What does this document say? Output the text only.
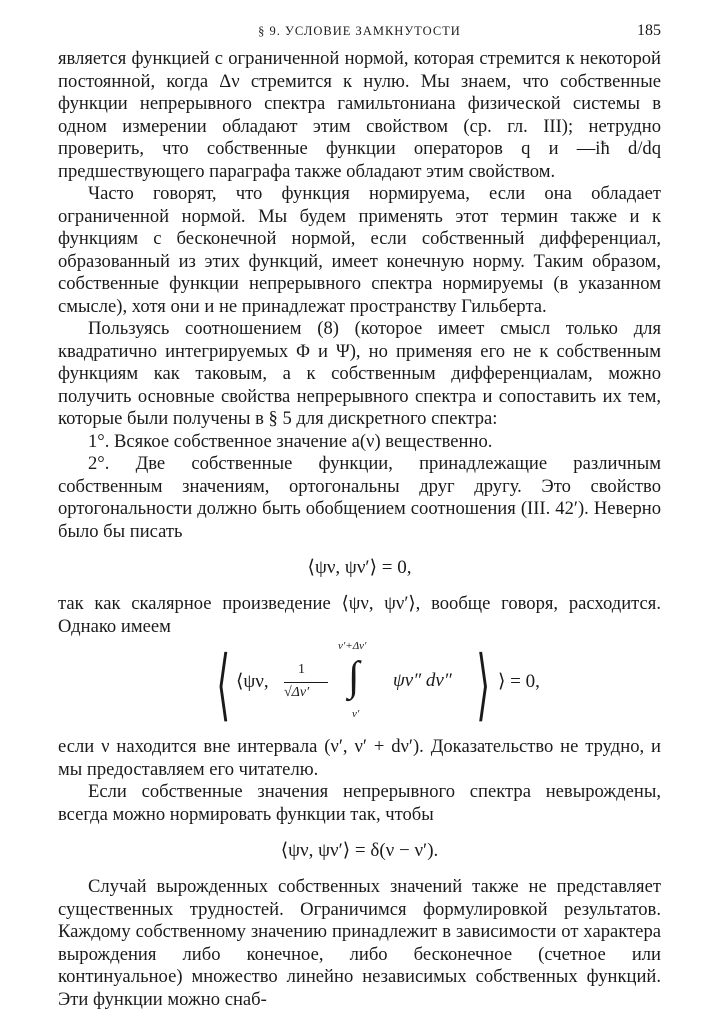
§ 9. УСЛОВИЕ ЗАМКНУТОСТИ	185

является функцией с ограниченной нормой, которая стремится к некоторой постоянной, когда Δν стремится к нулю. Мы знаем, что собственные функции непрерывного спектра гамильтониана физической системы в одном измерении обладают этим свойством (ср. гл. III); нетрудно проверить, что собственные функции операторов q и —iħ d/dq предшествующего параграфа также обладают этим свойством.

Часто говорят, что функция нормируема, если она обладает ограниченной нормой. Мы будем применять этот термин также и к функциям с бесконечной нормой, если собственный дифференциал, образованный из этих функций, имеет конечную норму. Таким образом, собственные функции непрерывного спектра нормируемы (в указанном смысле), хотя они и не принадлежат пространству Гильберта.

Пользуясь соотношением (8) (которое имеет смысл только для квадратично интегрируемых Φ и Ψ), но применяя его не к собственным функциям как таковым, а к собственным дифференциалам, можно получить основные свойства непрерывного спектра и сопоставить их тем, которые были получены в § 5 для дискретного спектра:

1°. Всякое собственное значение a(ν) вещественно.

2°. Две собственные функции, принадлежащие различным собственным значениям, ортогональны друг другу. Это свойство ортогональности должно быть обобщением соотношения (III. 42′). Неверно было бы писать

⟨ψν, ψν′⟩ = 0,

так как скалярное произведение ⟨ψν, ψν′⟩, вообще говоря, расходится. Однако имеем

⟨ ⟨ψν,
1
√Δν′
ν′+Δν′
∫
ν′
ψν″ dν″ ⟩ ⟩ = 0,

если ν находится вне интервала (ν′, ν′ + dν′). Доказательство не трудно, и мы предоставляем его читателю.

Если собственные значения непрерывного спектра невырождены, всегда можно нормировать функции так, чтобы

⟨ψν, ψν′⟩ = δ(ν − ν′).

Случай вырожденных собственных значений также не представляет существенных трудностей. Ограничимся формулировкой результатов. Каждому собственному значению принадлежит в зависимости от характера вырождения либо конечное, либо бесконечное (счетное или континуальное) множество линейно независимых собственных функций. Эти функции можно снаб-
